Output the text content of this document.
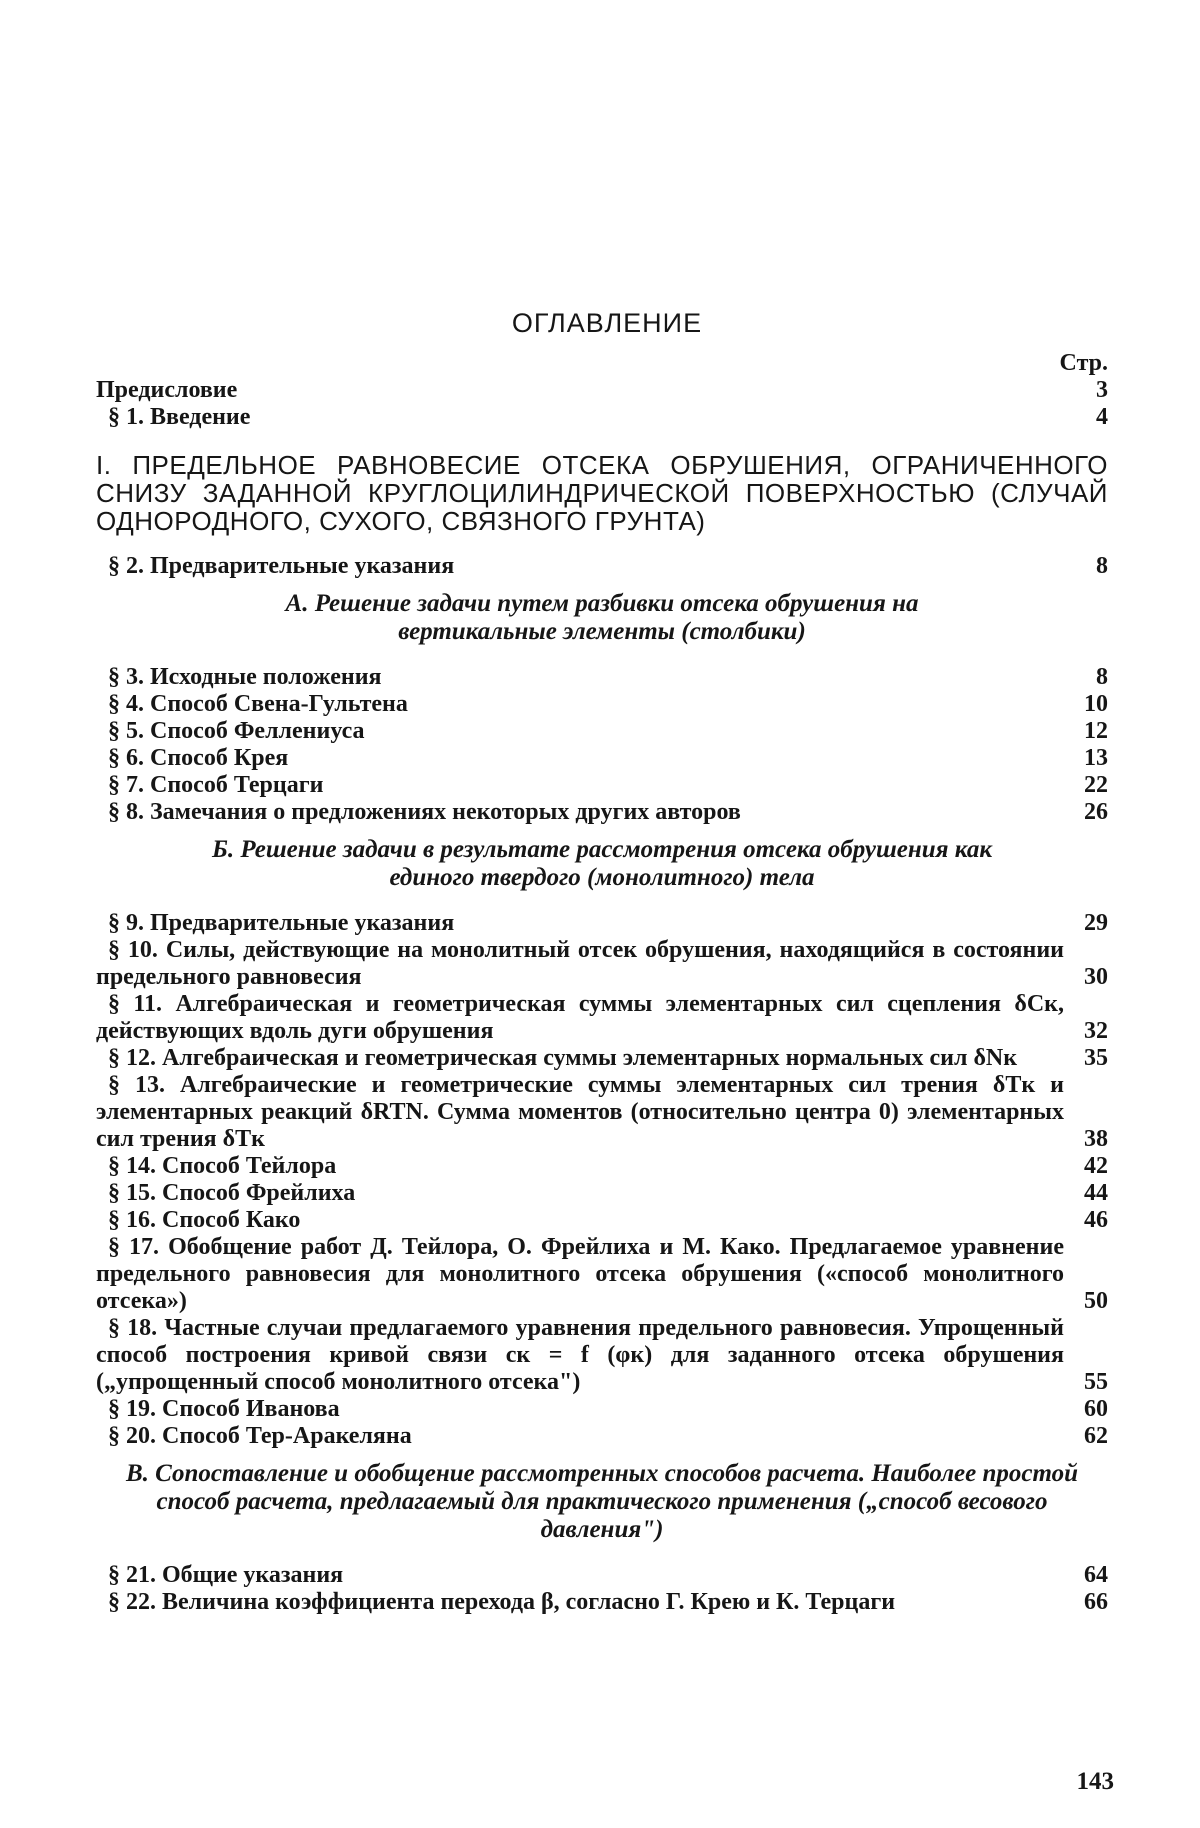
ОГЛАВЛЕНИЕ
Стр.
Предисловие	3
§ 1. Введение	4
I. ПРЕДЕЛЬНОЕ РАВНОВЕСИЕ ОТСЕКА ОБРУШЕНИЯ, ОГРАНИЧЕННОГО СНИЗУ ЗАДАННОЙ КРУГЛОЦИЛИНДРИЧЕСКОЙ ПОВЕРХНОСТЬЮ (СЛУЧАЙ ОДНОРОДНОГО, СУХОГО, СВЯЗНОГО ГРУНТА)
§ 2. Предварительные указания	8
А. Решение задачи путем разбивки отсека обрушения на вертикальные элементы (столбики)
§ 3. Исходные положения	8
§ 4. Способ Свена-Гультена	10
§ 5. Способ Феллениуса	12
§ 6. Способ Крея	13
§ 7. Способ Терцаги	22
§ 8. Замечания о предложениях некоторых других авторов	26
Б. Решение задачи в результате рассмотрения отсека обрушения как единого твердого (монолитного) тела
§ 9. Предварительные указания	29
§ 10. Силы, действующие на монолитный отсек обрушения, находящийся в состоянии предельного равновесия	30
§ 11. Алгебраическая и геометрическая суммы элементарных сил сцепления δCк, действующих вдоль дуги обрушения	32
§ 12. Алгебраическая и геометрическая суммы элементарных нормальных сил δNк	35
§ 13. Алгебраические и геометрические суммы элементарных сил трения δTк и элементарных реакций δRTN. Сумма моментов (относительно центра 0) элементарных сил трения δTк	38
§ 14. Способ Тейлора	42
§ 15. Способ Фрейлиха	44
§ 16. Способ Како	46
§ 17. Обобщение работ Д. Тейлора, О. Фрейлиха и М. Како. Предлагаемое уравнение предельного равновесия для монолитного отсека обрушения («способ монолитного отсека»)	50
§ 18. Частные случаи предлагаемого уравнения предельного равновесия. Упрощенный способ построения кривой связи cк = f (φк) для заданного отсека обрушения („упрощенный способ монолитного отсека")	55
§ 19. Способ Иванова	60
§ 20. Способ Тер-Аракеляна	62
В. Сопоставление и обобщение рассмотренных способов расчета. Наиболее простой способ расчета, предлагаемый для практического применения („способ весового давления")
§ 21. Общие указания	64
§ 22. Величина коэффициента перехода β, согласно Г. Крею и К. Терцаги	66
143
